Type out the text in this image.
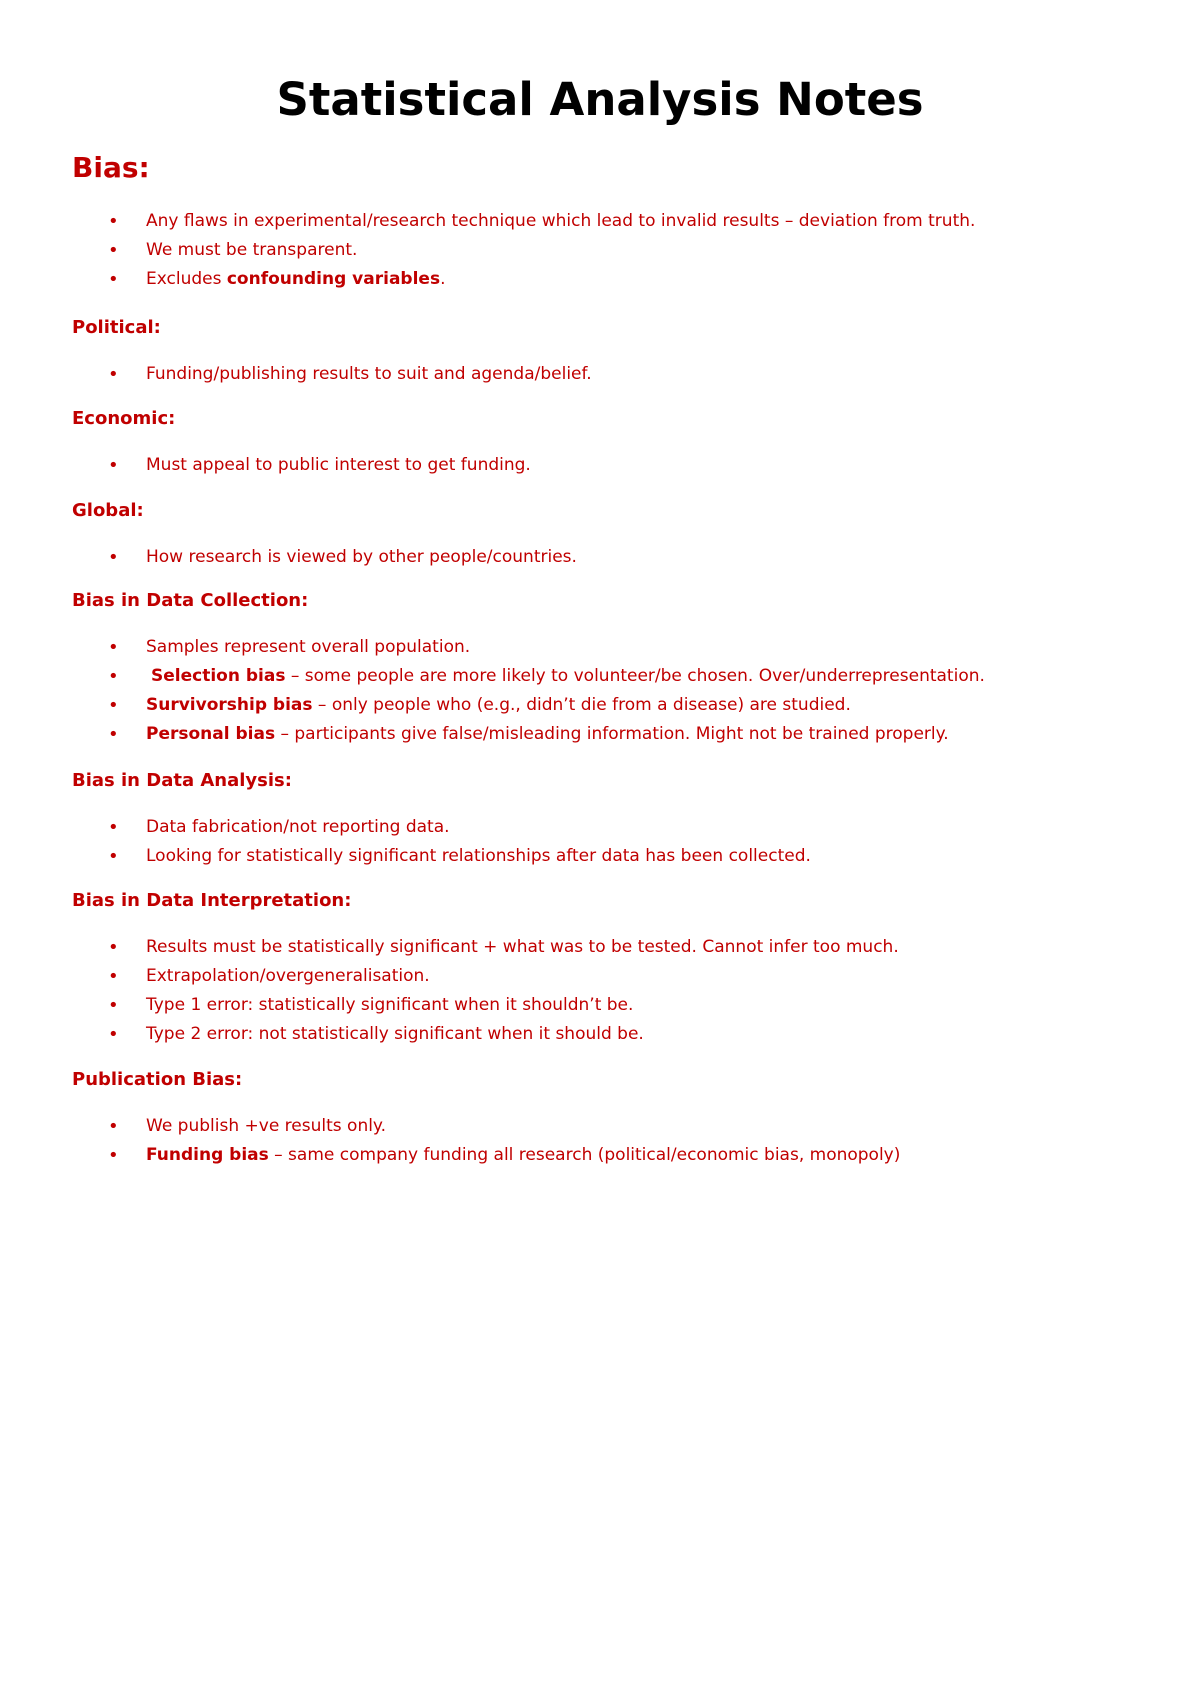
Statistical Analysis Notes
Bias:
•	Any flaws in experimental/research technique which lead to invalid results – deviation from truth.
•	We must be transparent.
•	Excludes confounding variables.
Political:
•	Funding/publishing results to suit and agenda/belief.
Economic:
•	Must appeal to public interest to get funding.
Global:
•	How research is viewed by other people/countries.
Bias in Data Collection:
•	Samples represent overall population.
•	Selection bias – some people are more likely to volunteer/be chosen. Over/underrepresentation.
•	Survivorship bias – only people who (e.g., didn’t die from a disease) are studied.
•	Personal bias – participants give false/misleading information. Might not be trained properly.
Bias in Data Analysis:
•	Data fabrication/not reporting data.
•	Looking for statistically significant relationships after data has been collected.
Bias in Data Interpretation:
•	Results must be statistically significant + what was to be tested. Cannot infer too much.
•	Extrapolation/overgeneralisation.
•	Type 1 error: statistically significant when it shouldn’t be.
•	Type 2 error: not statistically significant when it should be.
Publication Bias:
•	We publish +ve results only.
•	Funding bias – same company funding all research (political/economic bias, monopoly)
